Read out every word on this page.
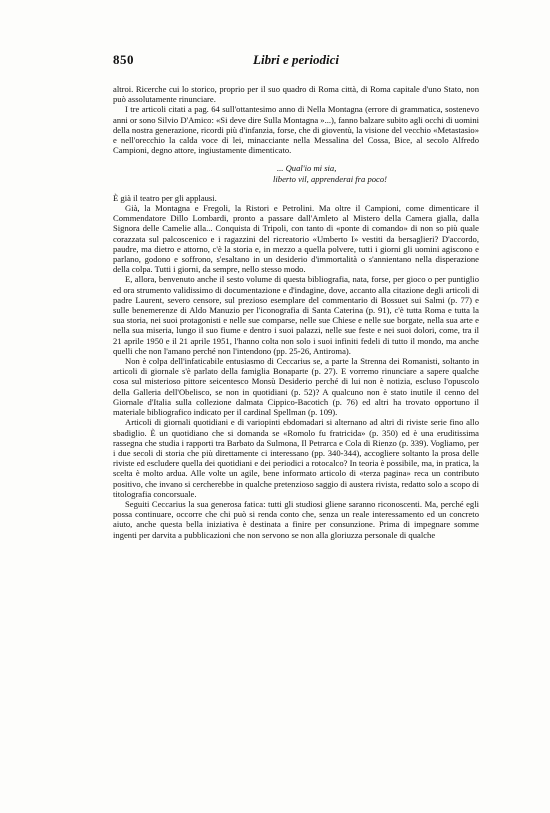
850	Libri e periodici

altroi. Ricerche cui lo storico, proprio per il suo quadro di Roma città, di Roma capitale d'uno Stato, non può assolutamente rinunciare.

I tre articoli citati a pag. 64 sull'ottantesimo anno di Nella Montagna (errore di grammatica, sostenevo anni or sono Silvio D'Amico: «Si deve dire Sulla Montagna »...), fanno balzare subito agli occhi di uomini della nostra generazione, ricordi più d'infanzia, forse, che di gioventù, la visione del vecchio «Metastasio» e nell'orecchio la calda voce di lei, minacciante nella Messalina del Cossa, Bice, al secolo Alfredo Campioni, degno attore, ingiustamente dimenticato.

... Qual'io mi sia,
liberto vil, apprenderai fra poco!

È già il teatro per gli applausi.

Già, la Montagna e Fregoli, la Ristori e Petrolini. Ma oltre il Campioni, come dimenticare il Commendatore Dillo Lombardi, pronto a passare dall'Amleto al Mistero della Camera gialla, dalla Signora delle Camelie alla... Conquista di Tripoli, con tanto di «ponte di comando» di non so più quale corazzata sul palcoscenico e i ragazzini del ricreatorio «Umberto I» vestiti da bersaglieri? D'accordo, paudre, ma dietro e attorno, c'è la storia e, in mezzo a quella polvere, tutti i giorni gli uomini agiscono e parlano, godono e soffrono, s'esaltano in un desiderio d'immortalità o s'annientano nella disperazione della colpa. Tutti i giorni, da sempre, nello stesso modo.

E, allora, benvenuto anche il sesto volume di questa bibliografia, nata, forse, per gioco o per puntiglio ed ora strumento validissimo di documentazione e d'indagine, dove, accanto alla citazione degli articoli di padre Laurent, severo censore, sul prezioso esemplare del commentario di Bossuet sui Salmi (p. 77) e sulle benemerenze di Aldo Manuzio per l'iconografia di Santa Caterina (p. 91), c'è tutta Roma e tutta la sua storia, nei suoi protagonisti e nelle sue comparse, nelle sue Chiese e nelle sue borgate, nella sua arte e nella sua miseria, lungo il suo fiume e dentro i suoi palazzi, nelle sue feste e nei suoi dolori, come, tra il 21 aprile 1950 e il 21 aprile 1951, l'hanno colta non solo i suoi infiniti fedeli di tutto il mondo, ma anche quelli che non l'amano perché non l'intendono (pp. 25-26, Antiroma).

Non è colpa dell'infaticabile entusiasmo di Ceccarius se, a parte la Strenna dei Romanisti, soltanto in articoli di giornale s'è parlato della famiglia Bonaparte (p. 27). E vorremo rinunciare a sapere qualche cosa sul misterioso pittore seicentesco Monsù Desiderio perché di lui non è notizia, escluso l'opuscolo della Galleria dell'Obelisco, se non in quotidiani (p. 52)? A qualcuno non è stato inutile il cenno del Giornale d'Italia sulla collezione dalmata Cippico-Bacotich (p. 76) ed altri ha trovato opportuno il materiale bibliografico indicato per il cardinal Spellman (p. 109).

Articoli di giornali quotidiani e di variopinti ebdomadari si alternano ad altri di riviste serie fino allo sbadiglio. È un quotidiano che si domanda se «Romolo fu fratricida» (p. 350) ed è una eruditissima rassegna che studia i rapporti tra Barbato da Sulmona, Il Petrarca e Cola di Rienzo (p. 339). Vogliamo, per i due secoli di storia che più direttamente ci interessano (pp. 340-344), accogliere soltanto la prosa delle riviste ed escludere quella dei quotidiani e dei periodici a rotocalco? In teoria è possibile, ma, in pratica, la scelta è molto ardua. Alle volte un agile, bene informato articolo di «terza pagina» reca un contributo positivo, che invano si cercherebbe in qualche pretenzioso saggio di austera rivista, redatto solo a scopo di titolografia concorsuale.

Seguiti Ceccarius la sua generosa fatica: tutti gli studiosi gliene saranno riconoscenti. Ma, perché egli possa continuare, occorre che chi può si renda conto che, senza un reale interessamento ed un concreto aiuto, anche questa bella iniziativa è destinata a finire per consunzione. Prima di impegnare somme ingenti per darvita a pubblicazioni che non servono se non alla gloriuzza personale di qualche
